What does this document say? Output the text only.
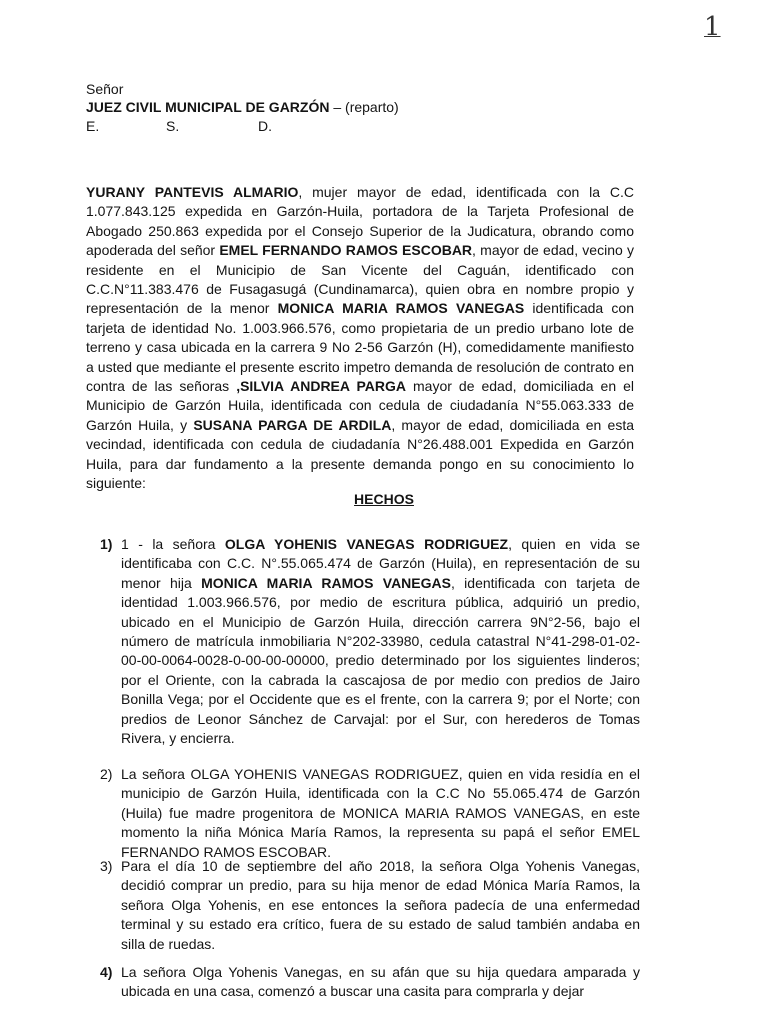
1
Señor
JUEZ CIVIL MUNICIPAL DE GARZÓN – (reparto)
E.	S.	D.
YURANY PANTEVIS ALMARIO, mujer mayor de edad, identificada con la C.C 1.077.843.125 expedida en Garzón-Huila, portadora de la Tarjeta Profesional de Abogado 250.863 expedida por el Consejo Superior de la Judicatura, obrando como apoderada del señor EMEL FERNANDO RAMOS ESCOBAR, mayor de edad, vecino y residente en el Municipio de San Vicente del Caguán, identificado con C.C.N°11.383.476 de Fusagasugá (Cundinamarca), quien obra en nombre propio y representación de la menor MONICA MARIA RAMOS VANEGAS identificada con tarjeta de identidad No. 1.003.966.576, como propietaria de un predio urbano lote de terreno y casa ubicada en la carrera 9 No 2-56 Garzón (H), comedidamente manifiesto a usted que mediante el presente escrito impetro demanda de resolución de contrato en contra de las señoras ,SILVIA ANDREA PARGA mayor de edad, domiciliada en el Municipio de Garzón Huila, identificada con cedula de ciudadanía N°55.063.333 de Garzón Huila, y SUSANA PARGA DE ARDILA, mayor de edad, domiciliada en esta vecindad, identificada con cedula de ciudadanía N°26.488.001 Expedida en Garzón Huila, para dar fundamento a la presente demanda pongo en su conocimiento lo siguiente:
HECHOS
1) 1 - la señora OLGA YOHENIS VANEGAS RODRIGUEZ, quien en vida se identificaba con C.C. N°.55.065.474 de Garzón (Huila), en representación de su menor hija MONICA MARIA RAMOS VANEGAS, identificada con tarjeta de identidad 1.003.966.576, por medio de escritura pública, adquirió un predio, ubicado en el Municipio de Garzón Huila, dirección carrera 9N°2-56, bajo el número de matrícula inmobiliaria N°202-33980, cedula catastral N°41-298-01-02-00-00-0064-0028-0-00-00-00000, predio determinado por los siguientes linderos; por el Oriente, con la cabrada la cascajosa de por medio con predios de Jairo Bonilla Vega; por el Occidente que es el frente, con la carrera 9; por el Norte; con predios de Leonor Sánchez de Carvajal: por el Sur, con herederos de Tomas Rivera, y encierra.
2) La señora OLGA YOHENIS VANEGAS RODRIGUEZ, quien en vida residía en el municipio de Garzón Huila, identificada con la C.C No 55.065.474 de Garzón (Huila) fue madre progenitora de MONICA MARIA RAMOS VANEGAS, en este momento la niña Mónica María Ramos, la representa su papá el señor EMEL FERNANDO RAMOS ESCOBAR.
3) Para el día 10 de septiembre del año 2018, la señora Olga Yohenis Vanegas, decidió comprar un predio, para su hija menor de edad Mónica María Ramos, la señora Olga Yohenis, en ese entonces la señora padecía de una enfermedad terminal y su estado era crítico, fuera de su estado de salud también andaba en silla de ruedas.
4) La señora Olga Yohenis Vanegas, en su afán que su hija quedara amparada y ubicada en una casa, comenzó a buscar una casita para comprarla y dejar
